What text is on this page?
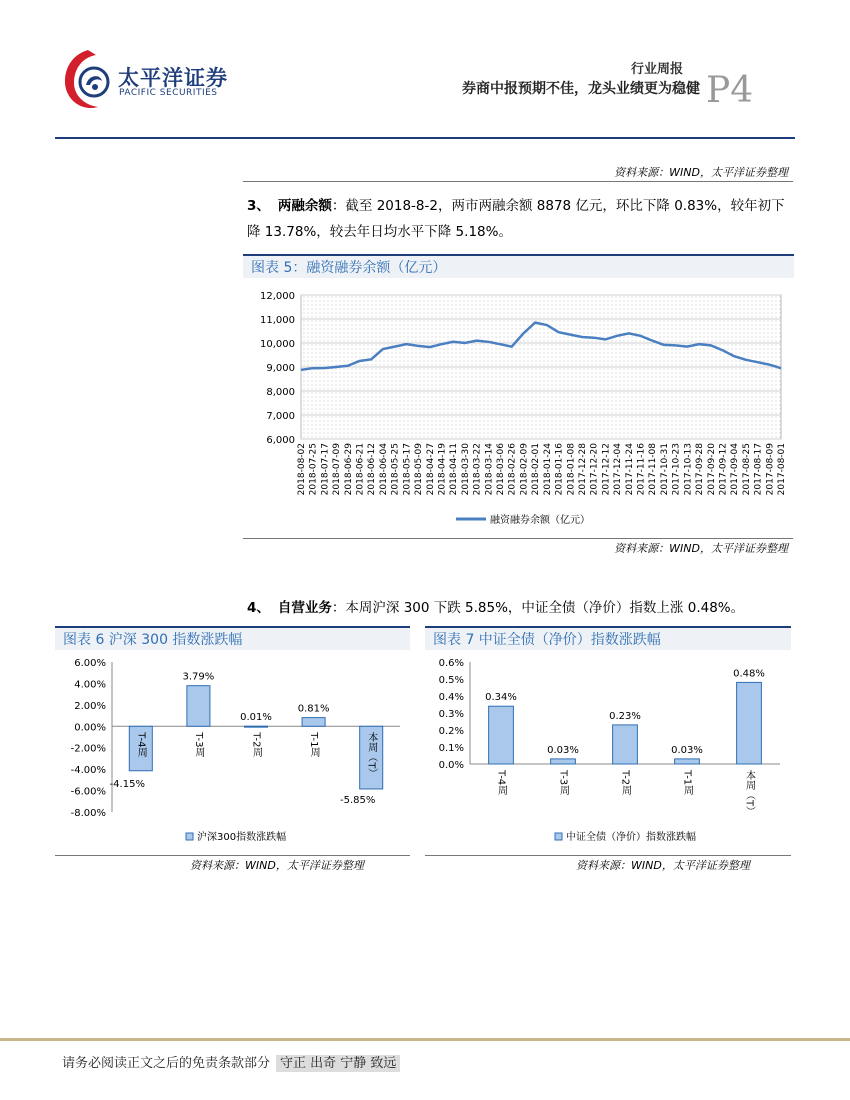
太平洋证券
PACIFIC SECURITIES
行业周报
券商中报预期不佳，龙头业绩更为稳健 P4
资料来源：WIND，太平洋证券整理
3、 两融余额：截至 2018-8-2，两市两融余额 8878 亿元，环比下降 0.83%，较年初下降 13.78%，较去年日均水平下降 5.18%。
图表 5：融资融券余额（亿元）
12,000
11,000
10,000
9,000
8,000
7,000
6,000
2018-08-02 2018-07-25 2018-07-17 2018-07-09 2018-06-29 2018-06-21 2018-06-12 2018-06-04 2018-05-25 2018-05-17 2018-05-09 2018-04-27 2018-04-19 2018-04-11 2018-03-30 2018-03-22 2018-03-14 2018-03-06 2018-02-26 2018-02-09 2018-02-01 2018-01-24 2018-01-16 2018-01-08 2017-12-28 2017-12-20 2017-12-12 2017-12-04 2017-11-24 2017-11-16 2017-11-08 2017-10-31 2017-10-23 2017-10-13 2017-09-28 2017-09-20 2017-09-12 2017-09-04 2017-08-25 2017-08-17 2017-08-09 2017-08-01
融资融券余额（亿元）
资料来源：WIND，太平洋证券整理
4、 自营业务：本周沪深 300 下跌 5.85%，中证全债（净价）指数上涨 0.48%。
图表 6 沪深 300 指数涨跌幅
6.00%
4.00%
2.00%
0.00%
-2.00%
-4.00%
-6.00%
-8.00%
T-4周
-4.15%
T-3周
3.79%
T-2周
0.01%
T-1周
0.81%
本周（T）
-5.85%
沪深300指数涨跌幅
资料来源：WIND，太平洋证券整理
图表 7 中证全债（净价）指数涨跌幅
0.6%
0.5%
0.4%
0.3%
0.2%
0.1%
0.0%
T-4周
0.34%
T-3周
0.03%
T-2周
0.23%
T-1周
0.03%
本周（T）
0.48%
中证全债（净价）指数涨跌幅
资料来源：WIND，太平洋证券整理
请务必阅读正文之后的免责条款部分 守正 出奇 宁静 致远
